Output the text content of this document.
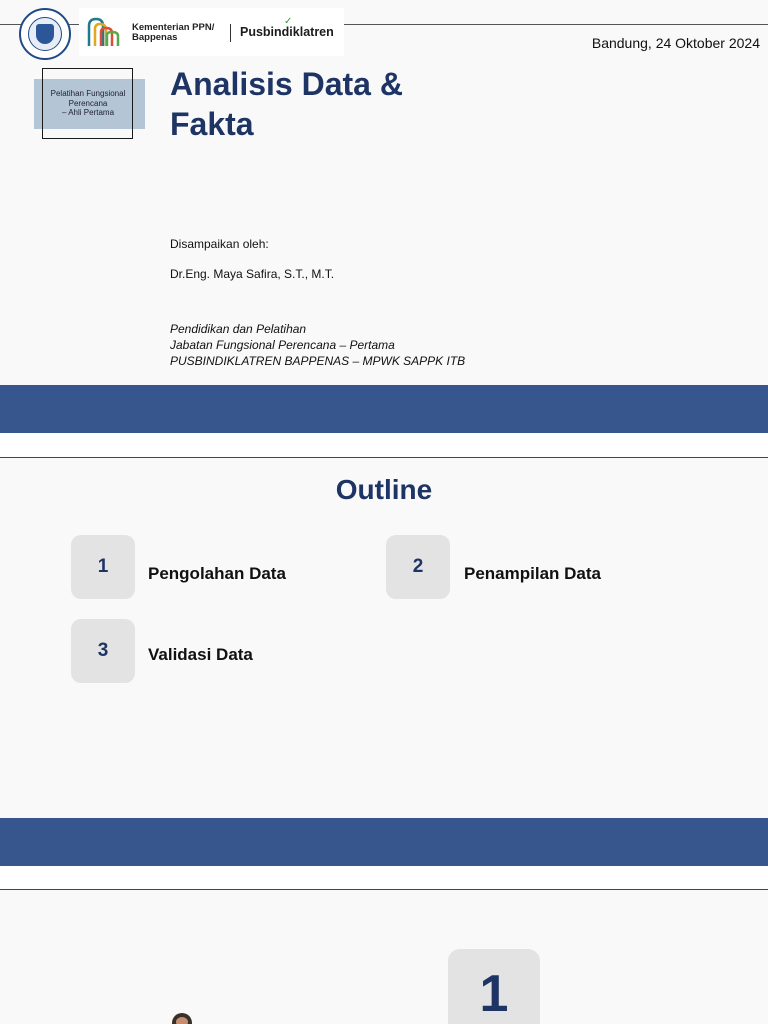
Kementerian PPN/
Bappenas	Pusbindiklatren
✓
Bandung, 24 Oktober 2024
Pelatihan Fungsional
Perencana
– Ahli Pertama
Analisis Data &
Fakta
Disampaikan oleh:
Dr.Eng. Maya Safira, S.T., M.T.
Pendidikan dan Pelatihan
Jabatan Fungsional Perencana – Pertama
PUSBINDIKLATREN BAPPENAS – MPWK SAPPK ITB
Outline
1	Pengolahan Data	2	Penampilan Data
3	Validasi Data
1
